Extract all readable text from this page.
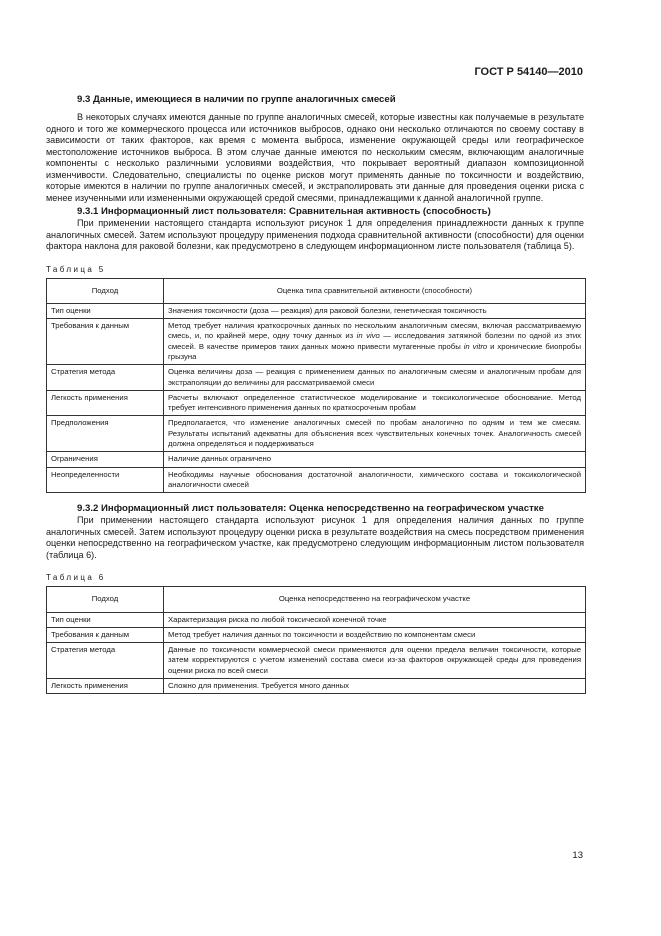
ГОСТ Р 54140—2010
9.3 Данные, имеющиеся в наличии по группе аналогичных смесей

В некоторых случаях имеются данные по группе аналогичных смесей, которые известны как получаемые в результате одного и того же коммерческого процесса или источников выбросов, однако они несколько отличаются по своему составу в зависимости от таких факторов, как время с момента выброса, изменение окружающей среды или географическое местоположение источников выброса. В этом случае данные имеются по нескольким смесям, включающим аналогичные компоненты с несколько различными условиями воздействия, что покрывает вероятный диапазон композиционной изменчивости. Следовательно, специалисты по оценке рисков могут применять данные по токсичности и воздействию, которые имеются в наличии по группе аналогичных смесей, и экстраполировать эти данные для проведения оценки риска с менее изученными или измененными окружающей средой смесями, принадлежащими к данной аналогичной группе.

9.3.1 Информационный лист пользователя: Сравнительная активность (способность)

При применении настоящего стандарта используют рисунок 1 для определения принадлежности данных к группе аналогичных смесей. Затем используют процедуру применения подхода сравнительной активности (способности) для оценки фактора наклона для раковой болезни, как предусмотрено в следующем информационном листе пользователя (таблица 5).

Таблица 5
Подход	Оценка типа сравнительной активности (способности)
Тип оценки	Значения токсичности (доза — реакция) для раковой болезни, генетическая токсичность
Требования к данным	Метод требует наличия краткосрочных данных по нескольким аналогичным смесям, включая рассматриваемую смесь, и, по крайней мере, одну точку данных из in vivo — исследования затяжной болезни по одной из этих смесей. В качестве примеров таких данных можно привести мутагенные пробы in vitro и хронические биопробы грызуна
Стратегия метода	Оценка величины доза — реакция с применением данных по аналогичным смесям и аналогичным пробам для экстраполяции до величины для рассматриваемой смеси
Легкость применения	Расчеты включают определенное статистическое моделирование и токсикологическое обоснование. Метод требует интенсивного применения данных по краткосрочным пробам
Предположения	Предполагается, что изменение аналогичных смесей по пробам аналогично по одним и тем же смесям. Результаты испытаний адекватны для объяснения всех чувствительных конечных точек. Аналогичность смесей должна определяться и поддерживаться
Ограничения	Наличие данных ограничено
Неопределенности	Необходимы научные обоснования достаточной аналогичности, химического состава и токсикологической аналогичности смесей
9.3.2 Информационный лист пользователя: Оценка непосредственно на географическом участке

При применении настоящего стандарта используют рисунок 1 для определения наличия данных по группе аналогичных смесей. Затем используют процедуру оценки риска в результате воздействия на смесь посредством применения оценки непосредственно на географическом участке, как предусмотрено следующим информационным листом пользователя (таблица 6).

Таблица 6
Подход	Оценка непосредственно на географическом участке
Тип оценки	Характеризация риска по любой токсической конечной точке
Требования к данным	Метод требует наличия данных по токсичности и воздействию по компонентам смеси
Стратегия метода	Данные по токсичности коммерческой смеси применяются для оценки предела величин токсичности, которые затем корректируются с учетом изменений состава смеси из-за факторов окружающей среды для проведения оценки риска по всей смеси
Легкость применения	Сложно для применения. Требуется много данных
13
